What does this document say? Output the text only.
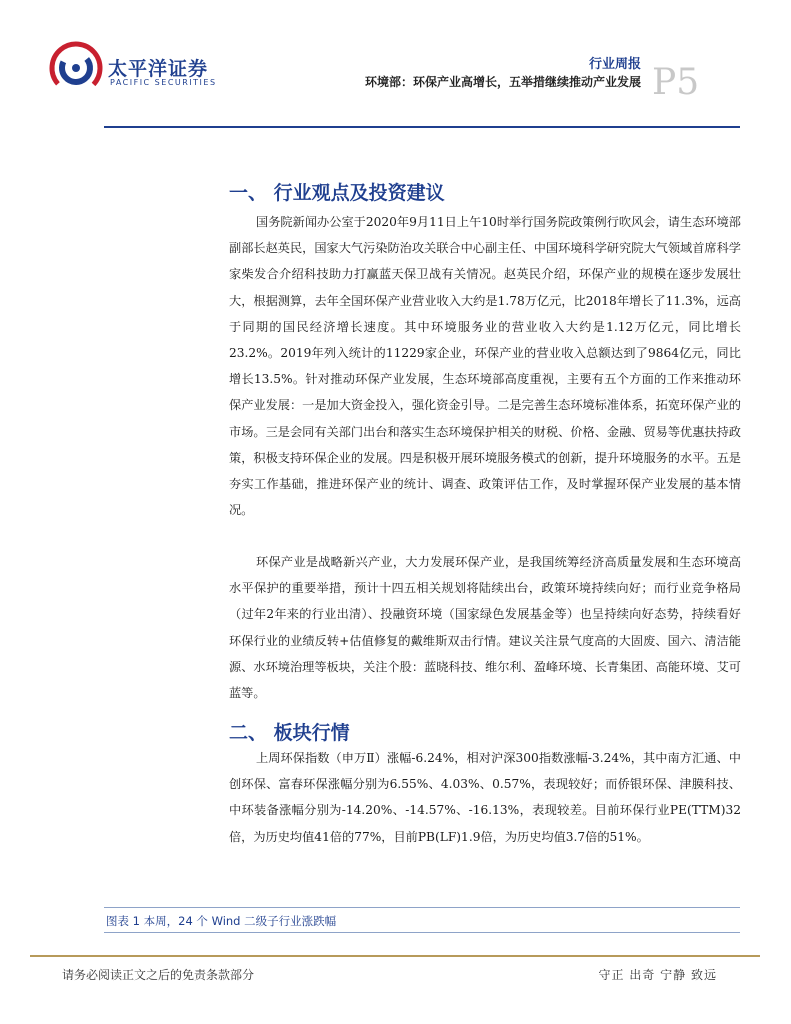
太平洋证券
PACIFIC SECURITIES
行业周报
环境部：环保产业高增长，五举措继续推动产业发展 P5
一、 行业观点及投资建议

国务院新闻办公室于2020年9月11日上午10时举行国务院政策例行吹风会，请生态环境部副部长赵英民，国家大气污染防治攻关联合中心副主任、中国环境科学研究院大气领域首席科学家柴发合介绍科技助力打赢蓝天保卫战有关情况。赵英民介绍，环保产业的规模在逐步发展壮大，根据测算，去年全国环保产业营业收入大约是1.78万亿元，比2018年增长了11.3%，远高于同期的国民经济增长速度。其中环境服务业的营业收入大约是1.12万亿元，同比增长23.2%。2019年列入统计的11229家企业，环保产业的营业收入总额达到了9864亿元，同比增长13.5%。针对推动环保产业发展，生态环境部高度重视，主要有五个方面的工作来推动环保产业发展：一是加大资金投入，强化资金引导。二是完善生态环境标准体系，拓宽环保产业的市场。三是会同有关部门出台和落实生态环境保护相关的财税、价格、金融、贸易等优惠扶持政策，积极支持环保企业的发展。四是积极开展环境服务模式的创新，提升环境服务的水平。五是夯实工作基础，推进环保产业的统计、调查、政策评估工作，及时掌握环保产业发展的基本情况。

环保产业是战略新兴产业，大力发展环保产业，是我国统筹经济高质量发展和生态环境高水平保护的重要举措，预计十四五相关规划将陆续出台，政策环境持续向好；而行业竞争格局（过年2年来的行业出清）、投融资环境（国家绿色发展基金等）也呈持续向好态势，持续看好环保行业的业绩反转+估值修复的戴维斯双击行情。建议关注景气度高的大固废、国六、清洁能源、水环境治理等板块，关注个股：蓝晓科技、维尔利、盈峰环境、长青集团、高能环境、艾可蓝等。

二、 板块行情

上周环保指数（申万Ⅱ）涨幅-6.24%，相对沪深300指数涨幅-3.24%，其中南方汇通、中创环保、富春环保涨幅分别为6.55%、4.03%、0.57%，表现较好；而侨银环保、津膜科技、中环装备涨幅分别为-14.20%、-14.57%、-16.13%，表现较差。目前环保行业PE(TTM)32倍，为历史均值41倍的77%，目前PB(LF)1.9倍，为历史均值3.7倍的51%。

图表 1 本周，24 个 Wind 二级子行业涨跌幅
请务必阅读正文之后的免责条款部分	守正 出奇 宁静 致远
